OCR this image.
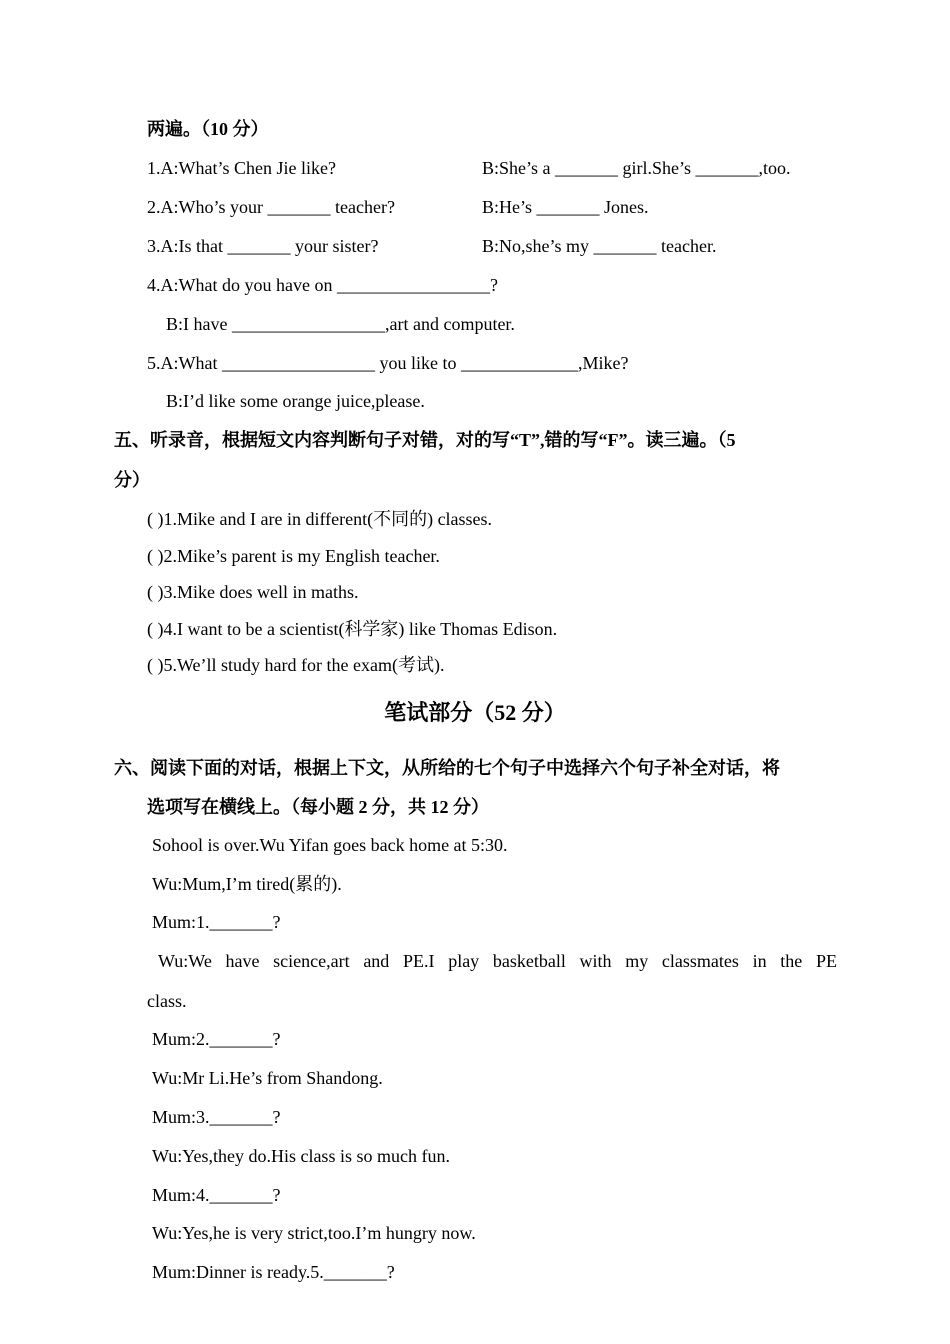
两遍。（10 分）
1.A:What’s Chen Jie like?	B:She’s a _______ girl.She’s _______,too.
2.A:Who’s your _______ teacher?	B:He’s _______ Jones.
3.A:Is that _______ your sister?	B:No,she’s my _______ teacher.
4.A:What do you have on _________________?
B:I have _________________,art and computer.
5.A:What _________________ you like to _____________,Mike?
B:I’d like some orange juice,please.
五、听录音，根据短文内容判断句子对错，对的写“T”,错的写“F”。读三遍。（5
分）
( )1.Mike and I are in different(不同的) classes.
( )2.Mike’s parent is my English teacher.
( )3.Mike does well in maths.
( )4.I want to be a scientist(科学家) like Thomas Edison.
( )5.We’ll study hard for the exam(考试).
笔试部分（52 分）
六、阅读下面的对话，根据上下文，从所给的七个句子中选择六个句子补全对话，将
选项写在横线上。（每小题 2 分，共 12 分）
Sohool is over.Wu Yifan goes back home at 5:30.
Wu:Mum,I’m tired(累的).
Mum:1._______?
Wu:We have science,art and PE.I play basketball with my classmates in the PE
class.
Mum:2._______?
Wu:Mr Li.He’s from Shandong.
Mum:3._______?
Wu:Yes,they do.His class is so much fun.
Mum:4._______?
Wu:Yes,he is very strict,too.I’m hungry now.
Mum:Dinner is ready.5._______?
